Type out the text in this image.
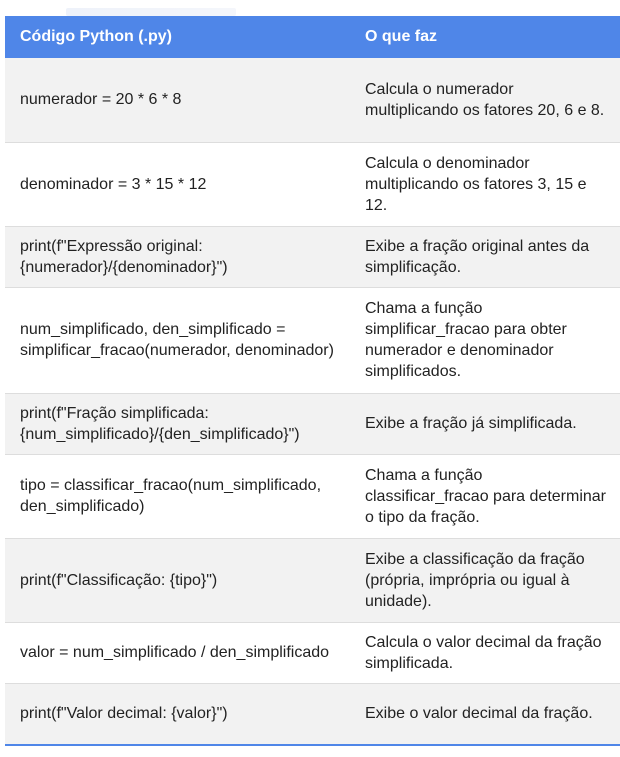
Código Python (.py)	O que faz
numerador = 20 * 6 * 8	Calcula o numerador multiplicando os fatores 20, 6 e 8.
denominador = 3 * 15 * 12	Calcula o denominador multiplicando os fatores 3, 15 e 12.
print(f"Expressão original: {numerador}/{denominador}")	Exibe a fração original antes da simplificação.
num_simplificado, den_simplificado = simplificar_fracao(numerador, denominador)	Chama a função simplificar_fracao para obter numerador e denominador simplificados.
print(f"Fração simplificada: {num_simplificado}/{den_simplificado}")	Exibe a fração já simplificada.
tipo = classificar_fracao(num_simplificado, den_simplificado)	Chama a função classificar_fracao para determinar o tipo da fração.
print(f"Classificação: {tipo}")	Exibe a classificação da fração (própria, imprópria ou igual à unidade).
valor = num_simplificado / den_simplificado	Calcula o valor decimal da fração simplificada.
print(f"Valor decimal: {valor}")	Exibe o valor decimal da fração.
